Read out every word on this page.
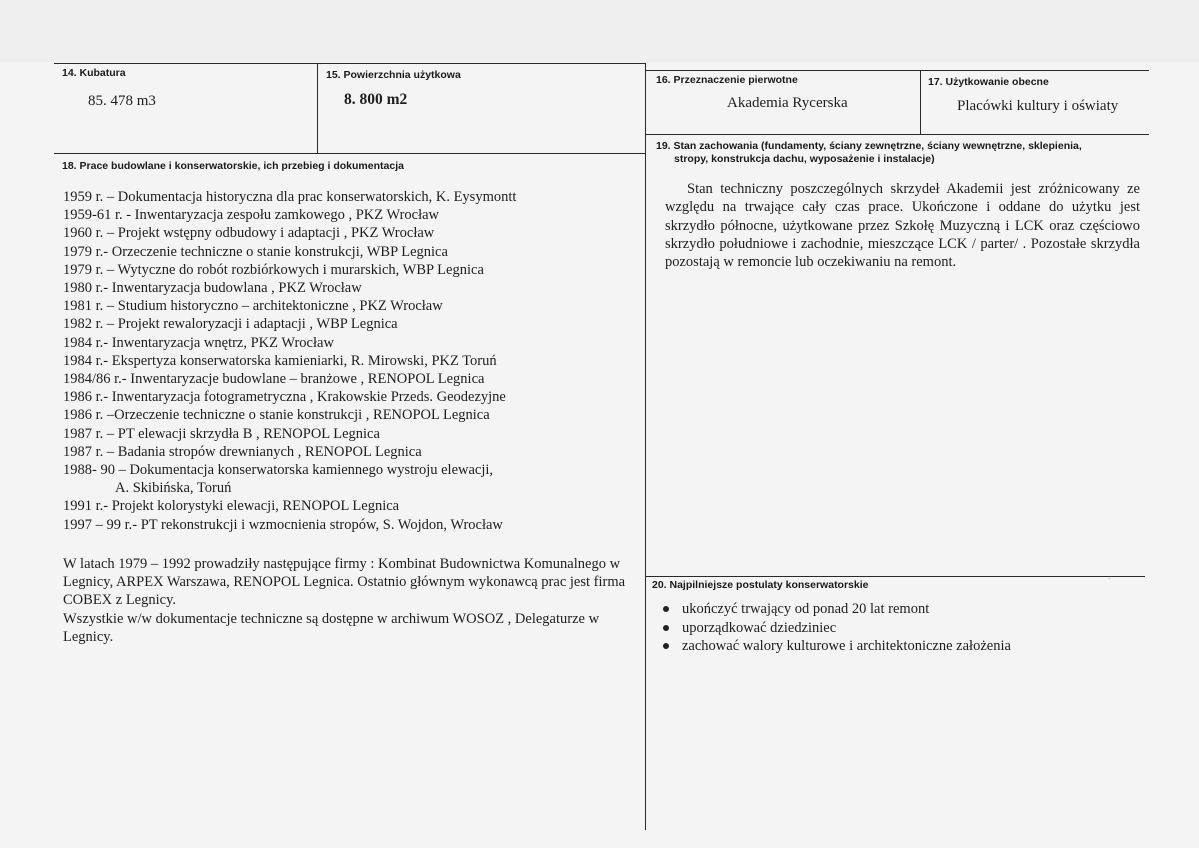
14. Kubatura
85. 478 m3
15. Powierzchnia użytkowa
8. 800 m2
16. Przeznaczenie pierwotne
Akademia Rycerska
17. Użytkowanie obecne
Placówki kultury i oświaty
18. Prace budowlane i konserwatorskie, ich przebieg i dokumentacja
1959 r. – Dokumentacja historyczna dla prac konserwatorskich, K. Eysymontt
1959-61 r. - Inwentaryzacja zespołu zamkowego , PKZ Wrocław
1960 r. – Projekt wstępny odbudowy i adaptacji , PKZ Wrocław
1979 r.- Orzeczenie techniczne o stanie konstrukcji, WBP Legnica
1979 r. – Wytyczne do robót rozbiórkowych i murarskich, WBP Legnica
1980 r.- Inwentaryzacja budowlana , PKZ Wrocław
1981 r. – Studium historyczno – architektoniczne , PKZ Wrocław
1982 r. – Projekt rewaloryzacji i adaptacji , WBP Legnica
1984 r.- Inwentaryzacja wnętrz, PKZ Wrocław
1984 r.- Ekspertyza konserwatorska kamieniarki, R. Mirowski, PKZ Toruń
1984/86 r.- Inwentaryzacje budowlane – branżowe , RENOPOL Legnica
1986 r.- Inwentaryzacja fotogrametryczna , Krakowskie Przeds. Geodezyjne
1986 r. –Orzeczenie techniczne o stanie konstrukcji , RENOPOL Legnica
1987 r. – PT elewacji skrzydła B , RENOPOL Legnica
1987 r. – Badania stropów drewnianych , RENOPOL Legnica
1988- 90 – Dokumentacja konserwatorska kamiennego wystroju elewacji,
A. Skibińska, Toruń
1991 r.- Projekt kolorystyki elewacji, RENOPOL Legnica
1997 – 99 r.- PT rekonstrukcji i wzmocnienia stropów, S. Wojdon, Wrocław
W latach 1979 – 1992 prowadziły następujące firmy : Kombinat Budownictwa Komunalnego w Legnicy, ARPEX Warszawa, RENOPOL Legnica. Ostatnio głównym wykonawcą prac jest firma COBEX z Legnicy.
Wszystkie w/w dokumentacje techniczne są dostępne w archiwum WOSOZ , Delegaturze w Legnicy.
19. Stan zachowania (fundamenty, ściany zewnętrzne, ściany wewnętrzne, sklepienia,
stropy, konstrukcja dachu, wyposażenie i instalacje)
Stan techniczny poszczególnych skrzydeł Akademii jest zróżnicowany ze względu na trwające cały czas prace. Ukończone i oddane do użytku jest skrzydło północne, użytkowane przez Szkołę Muzyczną i LCK oraz częściowo skrzydło południowe i zachodnie, mieszczące LCK / parter/ . Pozostałe skrzydła pozostają w remoncie lub oczekiwaniu na remont.
20. Najpilniejsze postulaty konserwatorskie
·
ukończyć trwający od ponad 20 lat remont
uporządkować dziedziniec
zachować walory kulturowe i architektoniczne założenia
